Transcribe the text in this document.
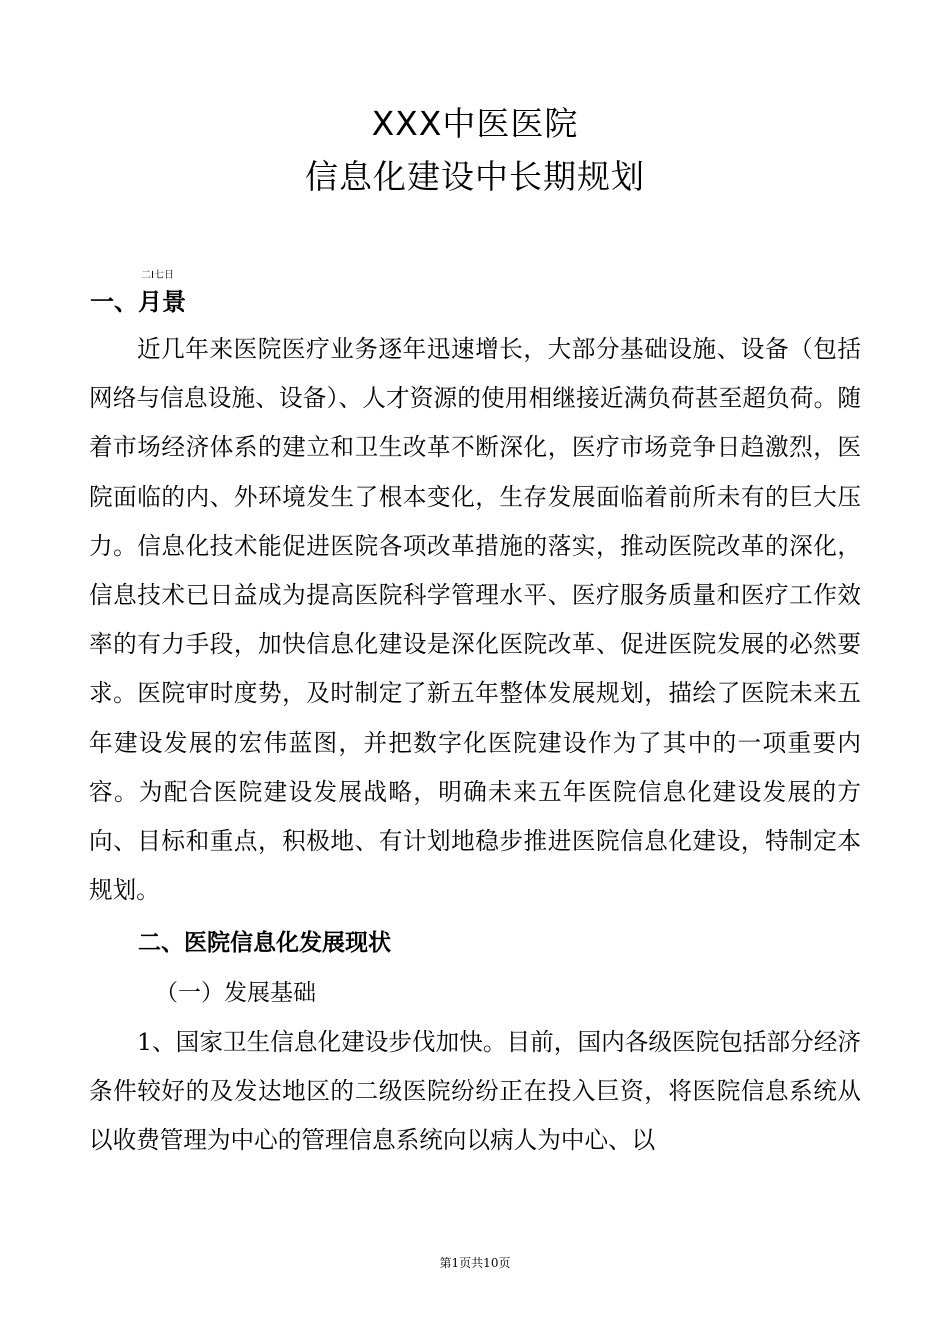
XXX中医医院
信息化建设中长期规划
二I七日
一、月景

近几年来医院医疗业务逐年迅速增长，大部分基础设施、设备（包括网络与信息设施、设备）、人才资源的使用相继接近满负荷甚至超负荷。随着市场经济体系的建立和卫生改革不断深化，医疗市场竞争日趋激烈，医院面临的内、外环境发生了根本变化，生存发展面临着前所未有的巨大压力。信息化技术能促进医院各项改革措施的落实，推动医院改革的深化，信息技术已日益成为提高医院科学管理水平、医疗服务质量和医疗工作效率的有力手段，加快信息化建设是深化医院改革、促进医院发展的必然要求。医院审时度势，及时制定了新五年整体发展规划，描绘了医院未来五年建设发展的宏伟蓝图，并把数字化医院建设作为了其中的一项重要内容。为配合医院建设发展战略，明确未来五年医院信息化建设发展的方向、目标和重点，积极地、有计划地稳步推进医院信息化建设，特制定本规划。

二、医院信息化发展现状
（一）发展基础

1、国家卫生信息化建设步伐加快。目前，国内各级医院包括部分经济条件较好的及发达地区的二级医院纷纷正在投入巨资，将医院信息系统从以收费管理为中心的管理信息系统向以病人为中心、以

第1页共10页
